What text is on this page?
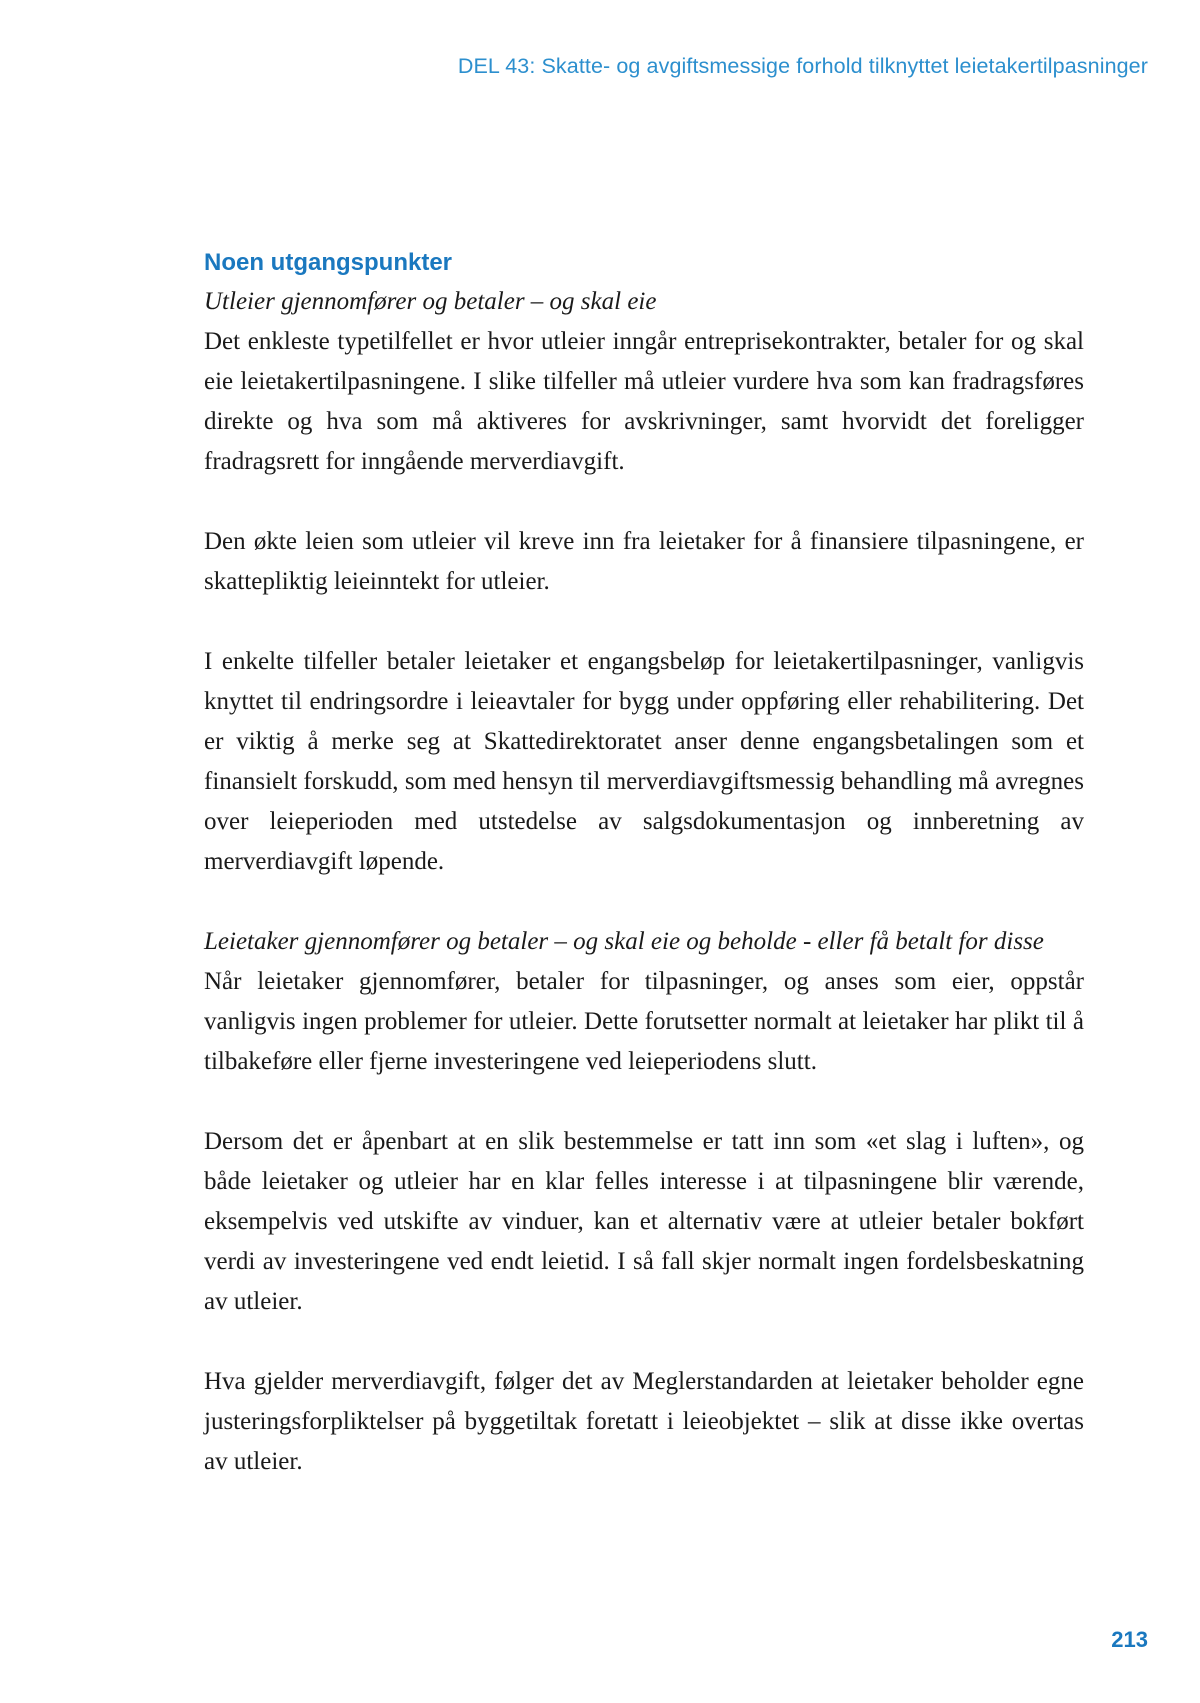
DEL 43: Skatte- og avgiftsmessige forhold tilknyttet leietakertilpasninger
Noen utgangspunkter

Utleier gjennomfører og betaler – og skal eie

Det enkleste typetilfellet er hvor utleier inngår entreprisekontrakter, betaler for og skal eie leietakertilpasningene. I slike tilfeller må utleier vurdere hva som kan fradragsføres direkte og hva som må aktiveres for avskrivninger, samt hvorvidt det foreligger fradragsrett for inngående merverdiavgift.

Den økte leien som utleier vil kreve inn fra leietaker for å finansiere tilpasningene, er skattepliktig leieinntekt for utleier.

I enkelte tilfeller betaler leietaker et engangsbeløp for leietakertilpasninger, vanligvis knyttet til endringsordre i leieavtaler for bygg under oppføring eller rehabilitering. Det er viktig å merke seg at Skattedirektoratet anser denne engangsbetalingen som et finansielt forskudd, som med hensyn til merverdiavgiftsmessig behandling må avregnes over leieperioden med utstedelse av salgsdokumentasjon og innberetning av merverdiavgift løpende.

Leietaker gjennomfører og betaler – og skal eie og beholde - eller få betalt for disse

Når leietaker gjennomfører, betaler for tilpasninger, og anses som eier, oppstår vanligvis ingen problemer for utleier. Dette forutsetter normalt at leietaker har plikt til å tilbakeføre eller fjerne investeringene ved leieperiodens slutt.

Dersom det er åpenbart at en slik bestemmelse er tatt inn som «et slag i luften», og både leietaker og utleier har en klar felles interesse i at tilpasningene blir værende, eksempelvis ved utskifte av vinduer, kan et alternativ være at utleier betaler bokført verdi av investeringene ved endt leietid. I så fall skjer normalt ingen fordelsbeskatning av utleier.

Hva gjelder merverdiavgift, følger det av Meglerstandarden at leietaker beholder egne justeringsforpliktelser på byggetiltak foretatt i leieobjektet – slik at disse ikke overtas av utleier.

213
